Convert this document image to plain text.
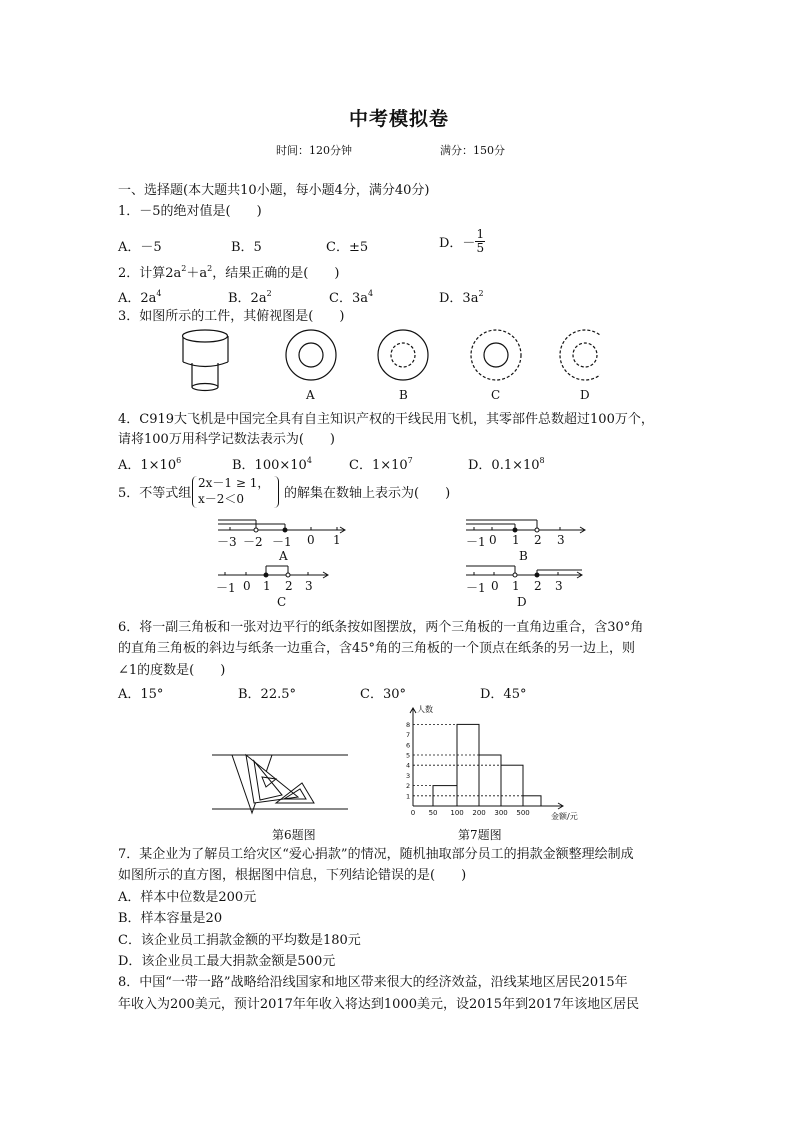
中考模拟卷
时间：120分钟	满分：150分
一、选择题(本大题共10小题，每小题4分，满分40分)
1．－5的绝对值是(　　)
A．－5	B．5	C．±5	D．－ $\frac{1}{5}$
2．计算$2a^2+a^2$，结果正确的是(　　)
A．$2a^4$	B．$2a^2$	C．$3a^4$	D．$3a^2$
3．如图所示的工件，其俯视图是(　　)
A	B	C	D
4．C919大飞机是中国完全具有自主知识产权的干线民用飞机，其零部件总数超过100万个，
请将100万用科学记数法表示为(　　)
A．$1\times 10^6$	B．$100\times 10^4$	C．$1\times 10^7$	D．$0.1\times 10^8$
5．不等式组
2x－1 ≥ 1，
x－2＜0	的解集在数轴上表示为(　　)
－3 －2 －1 0 1
A
－1 0 1 2 3
B
－1 0 1 2 3
C
－1 0 1 2 3
D
6．将一副三角板和一张对边平行的纸条按如图摆放，两个三角板的一直角边重合，含30°角
的直角三角板的斜边与纸条一边重合，含45°角的三角板的一个顶点在纸条的另一边上，则
∠1的度数是(　　)
A．15°	B．22.5°	C．30°	D．45°
第6题图
人数
金额/元
1
2
3
4
5
6
7
8
0 50 100 200 300 500
第7题图
7．某企业为了解员工给灾区“爱心捐款”的情况，随机抽取部分员工的捐款金额整理绘制成
如图所示的直方图，根据图中信息，下列结论错误的是(　　)
A．样本中位数是200元
B．样本容量是20
C．该企业员工捐款金额的平均数是180元
D．该企业员工最大捐款金额是500元
8．中国“一带一路”战略给沿线国家和地区带来很大的经济效益，沿线某地区居民2015年
年收入为200美元，预计2017年年收入将达到1000美元，设2015年到2017年该地区居民
